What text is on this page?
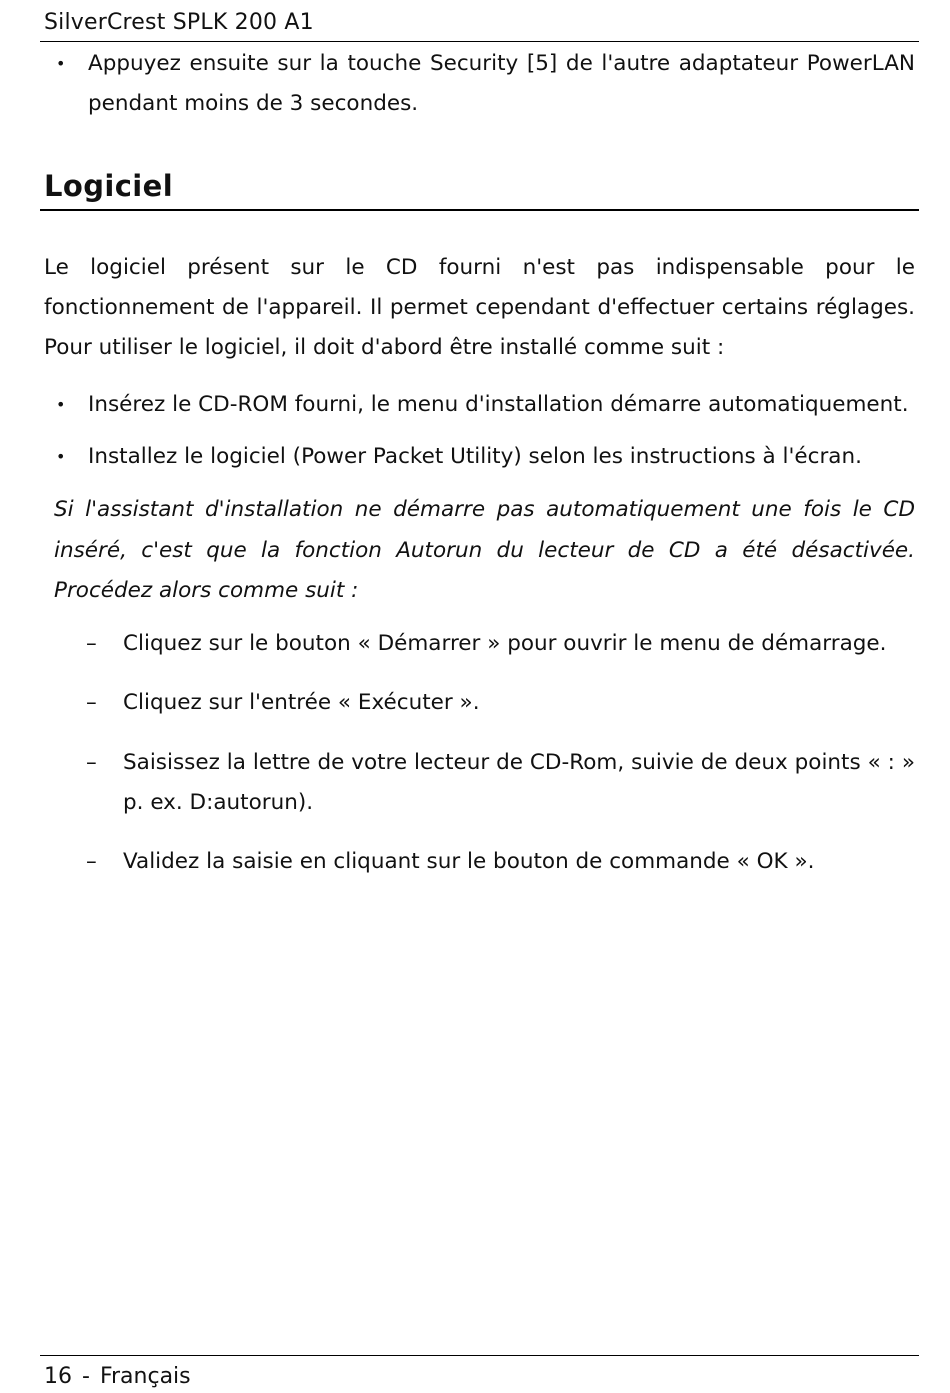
SilverCrest SPLK 200 A1
•	Appuyez ensuite sur la touche Security [5] de l'autre adaptateur PowerLAN pendant moins de 3 secondes.
Logiciel
Le logiciel présent sur le CD fourni n'est pas indispensable pour le fonctionnement de l'appareil. Il permet cependant d'effectuer certains réglages. Pour utiliser le logiciel, il doit d'abord être installé comme suit :
•	Insérez le CD-ROM fourni, le menu d'installation démarre automatiquement.
•	Installez le logiciel (Power Packet Utility) selon les instructions à l'écran.
Si l'assistant d'installation ne démarre pas automatiquement une fois le CD inséré, c'est que la fonction Autorun du lecteur de CD a été désactivée. Procédez alors comme suit :
–	Cliquez sur le bouton « Démarrer » pour ouvrir le menu de démarrage.
–	Cliquez sur l'entrée « Exécuter ».
–	Saisissez la lettre de votre lecteur de CD-Rom, suivie de deux points « : » p. ex. D:autorun).
–	Validez la saisie en cliquant sur le bouton de commande « OK ».
16 - Français
